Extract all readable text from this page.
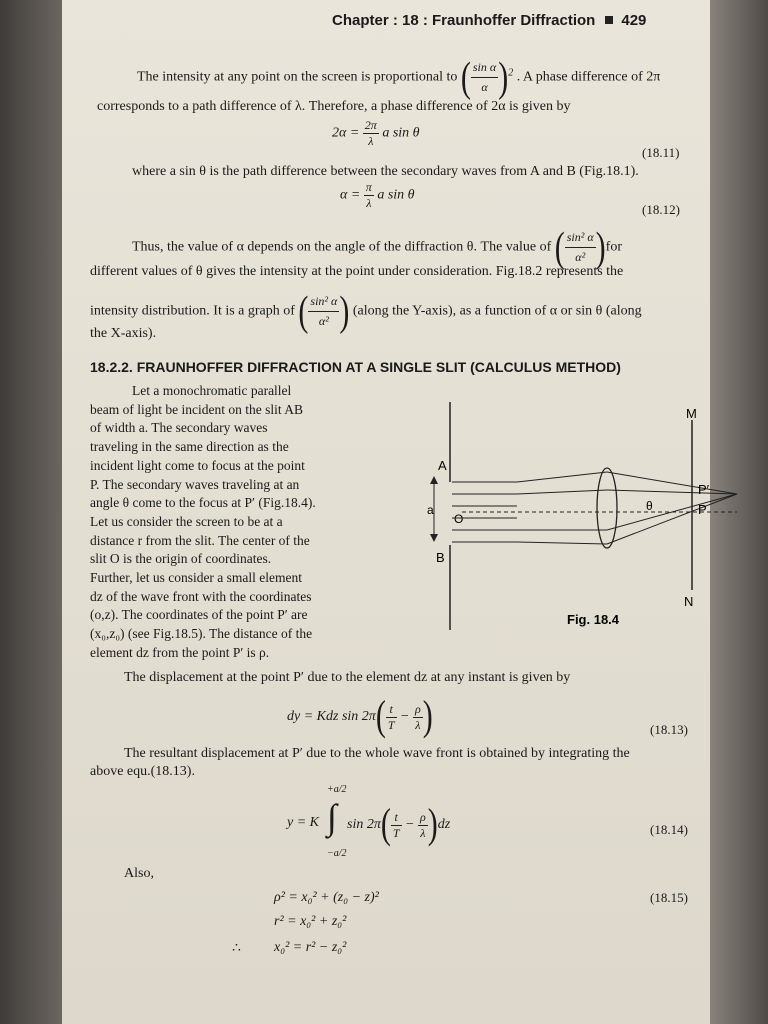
Chapter : 18 : Fraunhoffer Diffraction 429
The intensity at any point on the screen is proportional to ( $\frac{\text{sin α}}{\alpha} )^2$ . A phase difference of 2π
corresponds to a path difference of λ. Therefore, a phase difference of 2α is given by
$2\alpha = \frac{2\pi}{\lambda}$ a sin θ
(18.11)
where a sin θ is the path difference between the secondary waves from A and B (Fig.18.1).
$\alpha = \frac{\pi}{\lambda}$ a sin θ
(18.12)
Thus, the value of α depends on the angle of the diffraction θ. The value of ( $\frac{\text{sin² α}}{\text{α²}} )for$
different values of θ gives the intensity at the point under consideration. Fig.18.2 represents the
intensity distribution. It is a graph of ( $\frac{\text{sin² α}}{\text{α²}}$ ) (along the Y-axis), as a function of α or sin θ (along
the X-axis).
18.2.2. FRAUNHOFFER DIFFRACTION AT A SINGLE SLIT (CALCULUS METHOD)
Let a monochromatic parallel
beam of light be incident on the slit AB
of width a. The secondary waves
traveling in the same direction as the
incident light come to focus at the point
P. The secondary waves traveling at an
angle θ come to the focus at P′ (Fig.18.4).
Let us consider the screen to be at a
distance r from the slit. The center of the
slit O is the origin of coordinates.
Further, let us consider a small element
dz of the wave front with the coordinates
(o,z). The coordinates of the point P′ are
(x₀,z₀) (see Fig.18.5). The distance of the
element dz from the point P′ is ρ.
A
B
O
a	θ
M
N
P′
P
Fig. 18.4
The displacement at the point P′ due to the element dz at any instant is given by
dy = Kdz $\sin 2\pi( \frac{t}{T} - \frac{\rho}{\lambda}$ )	(18.13)
The resultant displacement at P′ due to the whole wave front is obtained by integrating the
above equ.(18.13).
y = K
+a/2
∫
−a/2
$\sin 2\pi( \frac{t}{T} - \frac{\rho}{\lambda} )dz$	(18.14)
Also,
ρ² = x₀² + (z₀ − z)²
r² = x₀² + z₀²
∴ x₀² = r² − z₀²
(18.15)
